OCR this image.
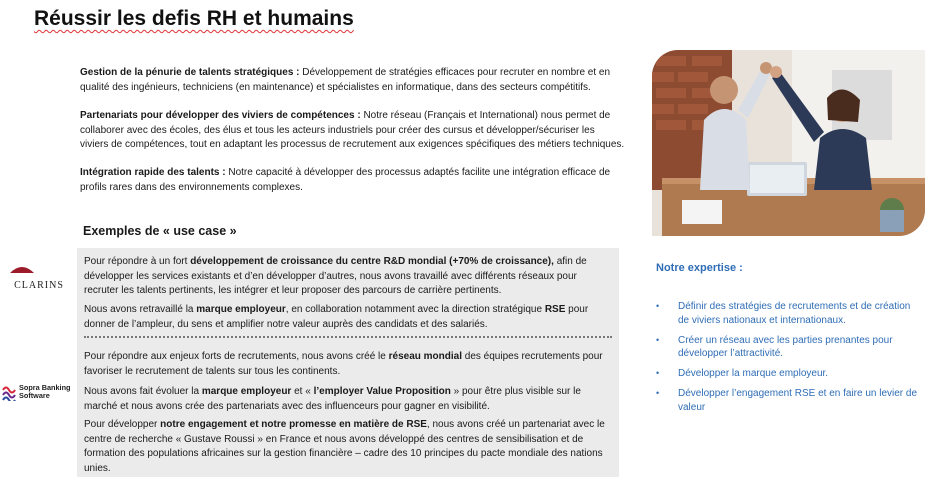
Réussir les defis RH et humains

Gestion de la pénurie de talents stratégiques : Développement de stratégies efficaces pour recruter en nombre et en qualité des ingénieurs, techniciens (en maintenance) et spécialistes en informatique, dans des secteurs compétitifs.

Partenariats pour développer des viviers de compétences : Notre réseau (Français et International) nous permet de collaborer avec des écoles, des élus et tous les acteurs industriels pour créer des cursus et développer/sécuriser les viviers de compétences, tout en adaptant les processus de recrutement aux exigences spécifiques des métiers techniques.

Intégration rapide des talents : Notre capacité à développer des processus adaptés facilite une intégration efficace de profils rares dans des environnements complexes.

Exemples de « use case »
CLARINS
Sopra Banking
Software

Pour répondre à un fort développement de croissance du centre R&D mondial (+70% de croissance), afin de développer les services existants et d’en développer d’autres, nous avons travaillé avec différents réseaux pour recruter les talents pertinents, les intégrer et leur proposer des parcours de carrière pertinents.

Nous avons retravaillé la marque employeur, en collaboration notamment avec la direction stratégique RSE pour donner de l’ampleur, du sens et amplifier notre valeur auprès des candidats et des salariés.

Pour répondre aux enjeux forts de recrutements, nous avons créé le réseau mondial des équipes recrutements pour favoriser le recrutement de talents sur tous les continents.

Nous avons fait évoluer la marque employeur et « l’employer Value Proposition » pour être plus visible sur le marché et nous avons crée des partenariats avec des influenceurs pour gagner en visibilité.

Pour développer notre engagement et notre promesse en matière de RSE, nous avons créé un partenariat avec le centre de recherche « Gustave Roussi » en France et nous avons développé des centres de sensibilisation et de formation des populations africaines sur la gestion financière – cadre des 10 principes du pacte mondiale des nations unies.

Notre expertise :
• Définir des stratégies de recrutements et de création de viviers nationaux et internationaux.
• Créer un réseau avec les parties prenantes pour développer l’attractivité.
• Développer la marque employeur.
• Développer l’engagement RSE et en faire un levier de valeur
